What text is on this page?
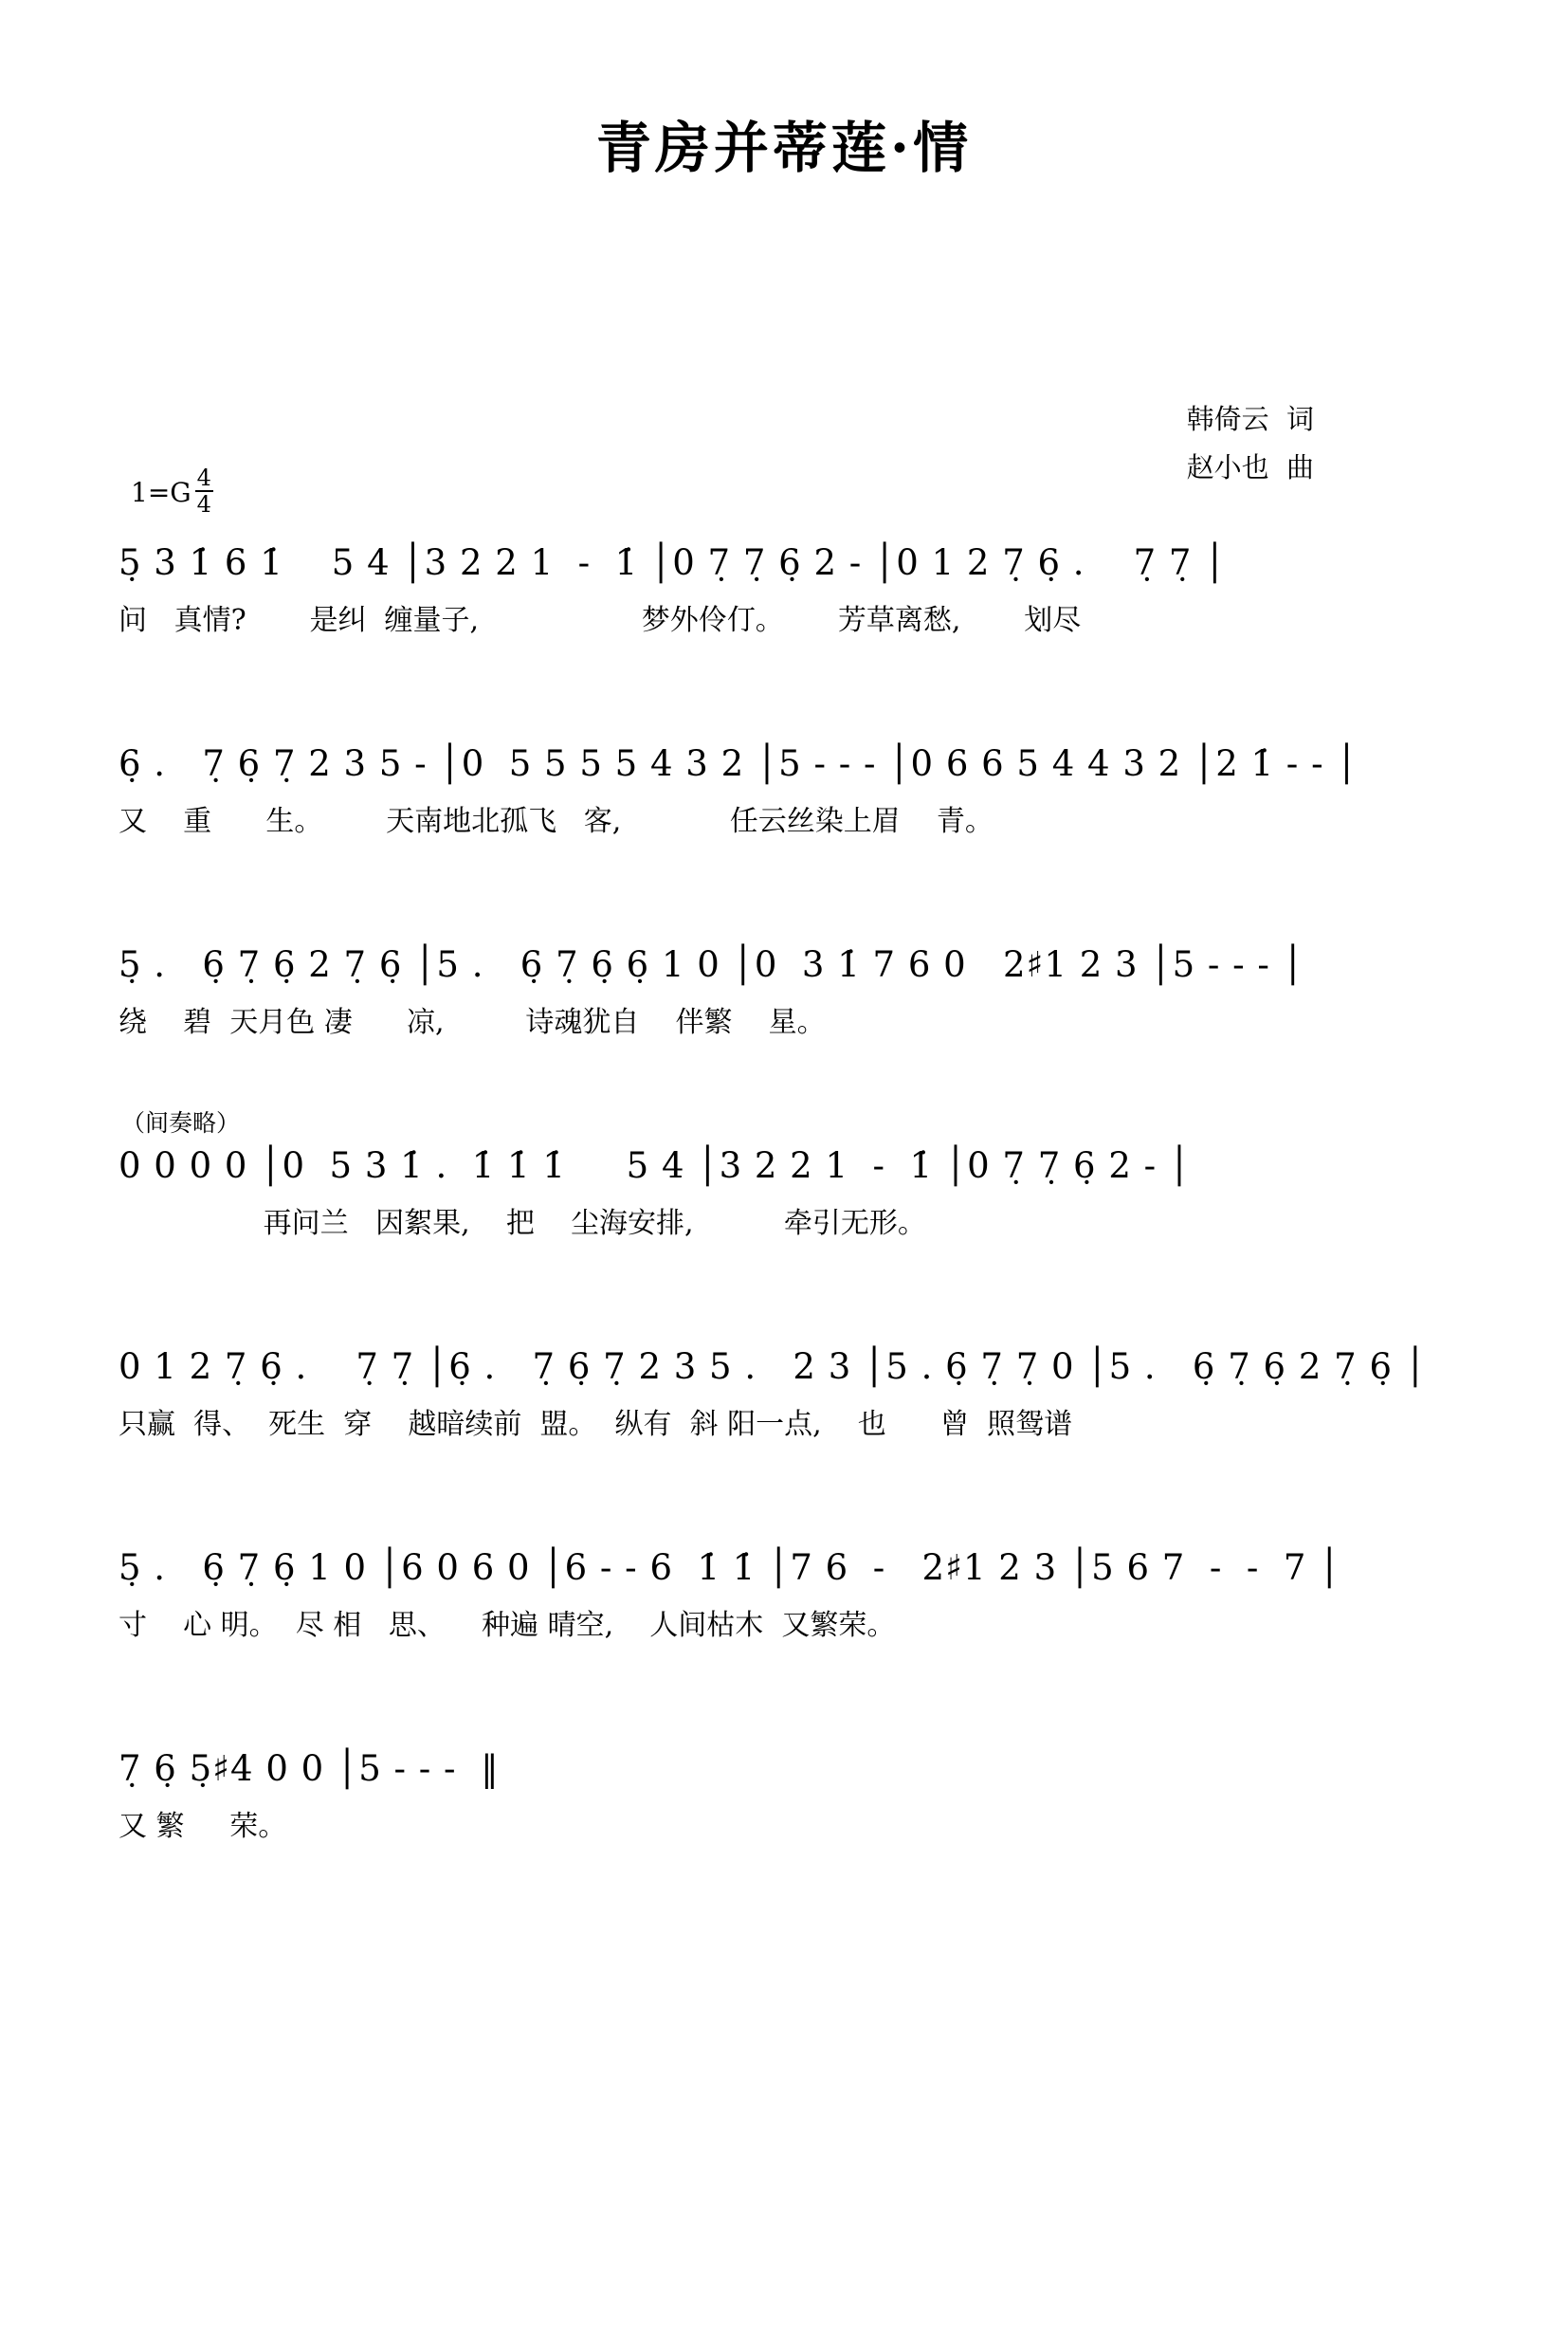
青房并蒂莲·情
韩倚云  词
赵小也  曲
$1=G \frac{4}{4}$
5̣ 3 1̇ 6 1̇    5 4 │3 2 2 1  -  1̇ │0 7̣ 7̣ 6̣ 2 - │0 1 2 7̣ 6̣ .    7̣ 7̣ │
问   真情?       是纠  缠量子,                  梦外伶仃。      芳草离愁,       划尽
6̣ .   7̣ 6̣ 7̣ 2 3 5 - │0  5 5 5 5 4 3 2 │5 - - - │0 6 6 5 4 4 3 2 │2 1̇ - - │
又    重      生。       天南地北孤飞   客,            任云丝染上眉    青。
5̣ .   6̣ 7̣ 6̣ 2 7̣ 6̣ │5 .   6̣ 7̣ 6̣ 6̣ 1 0 │0  3 1̇ 7 6 0   2♯1 2 3 │5 - - - │
绕    碧  天月色 凄      凉,         诗魂犹自    伴繁    星。
（间奏略）
0 0 0 0 │0  5 3 1̇ .  1̇ 1̇ 1̇     5 4 │3 2 2 1  -  1̇ │0 7̣ 7̣ 6̣ 2 - │
再问兰   因絮果,    把    尘海安排,          牵引无形。
0 1 2 7̣ 6̣ .    7̣ 7̣ │6̣ .   7̣ 6̣ 7̣ 2 3 5 .   2 3 │5 . 6̣ 7̣ 7̣ 0 │5 .   6̣ 7̣ 6̣ 2 7̣ 6̣ │
只赢  得、  死生  穿    越暗续前  盟。  纵有  斜 阳一点,    也      曾  照鸳谱
5̣ .   6̣ 7̣ 6̣ 1 0 │6 0 6 0 │6 - - 6  1̇ 1̇ │7 6  -   2♯1 2 3 │5 6 7  -  -  7 │
寸    心 明。  尽 相   思、    种遍 晴空,    人间枯木  又繁荣。
7̣ 6̣ 5̣♯4 0 0 │5 - - -  ‖
又 繁     荣。
